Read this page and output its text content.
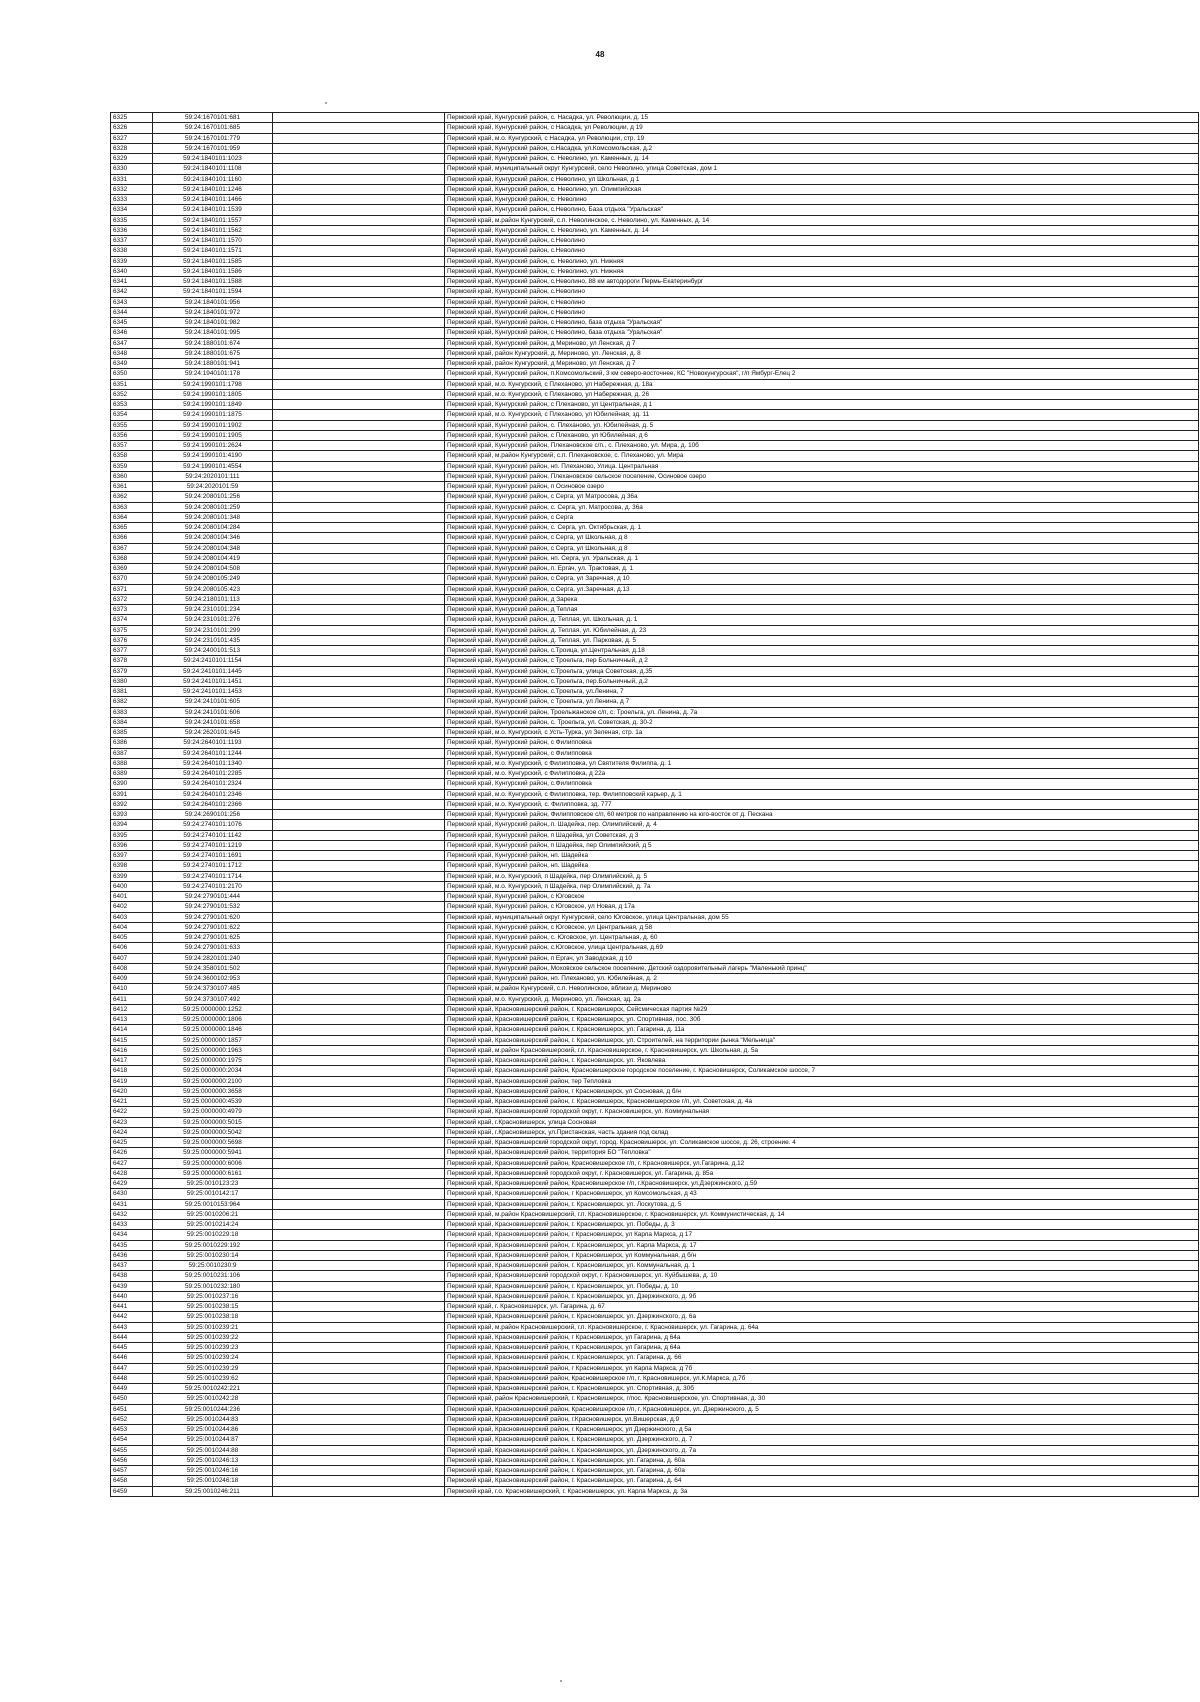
48
6325	59:24:1670101:681		Пермский край, Кунгурский район, с. Насадка, ул. Революции, д. 15
6326	59:24:1670101:685		Пермский край, Кунгурский район, с Насадка, ул Революции, д 19
6327	59:24:1670101:779		Пермский край, м.о. Кунгурский, с Насадка, ул Революции, стр. 19
6328	59:24:1670101:959		Пермский край, Кунгурский район, с.Насадка, ул.Комсомольская, д.2
6329	59:24:1840101:1023		Пермский край, Кунгурский район, с. Неволино, ул. Каменных, д. 14
6330	59:24:1840101:1108		Пермский край, муниципальный округ Кунгурский, село Неволино, улица Советская, дом 1
6331	59:24:1840101:1160		Пермский край, Кунгурский район, с Неволино, ул Школьная, д 1
6332	59:24:1840101:1246		Пермский край, Кунгурский район, с. Неволино, ул. Олимпийская
6333	59:24:1840101:1466		Пермский край, Кунгурский район, с. Неволино
6334	59:24:1840101:1539		Пермский край, Кунгурский район, с.Неволино, База отдыха "Уральская"
6335	59:24:1840101:1557		Пермский край, м.район Кунгурский, с.п. Неволинское, с. Неволино, ул. Каменных, д. 14
6336	59:24:1840101:1562		Пермский край, Кунгурский район, с. Неволино, ул. Каменных, д. 14
6337	59:24:1840101:1570		Пермский край, Кунгурский район, с.Неволино
6338	59:24:1840101:1571		Пермский край, Кунгурский район, с.Неволино
6339	59:24:1840101:1585		Пермский край, Кунгурский район, с. Неволино, ул. Нижняя
6340	59:24:1840101:1586		Пермский край, Кунгурский район, с. Неволино, ул. Нижняя
6341	59:24:1840101:1588		Пермский край, Кунгурский район, с.Неволино, 88 км автодороги Пермь-Екатеринбург
6342	59:24:1840101:1594		Пермский край, Кунгурский район, с.Неволино
6343	59:24:1840101:956		Пермский край, Кунгурский район, с Неволино
6344	59:24:1840101:972		Пермский край, Кунгурский район, с Неволино
6345	59:24:1840101:982		Пермский край, Кунгурский район, с Неволино, база отдыха "Уральская"
6346	59:24:1840101:995		Пермский край, Кунгурский район, с Неволино, база отдыха "Уральская"
6347	59:24:1880101:674		Пермский край, Кунгурский район, д Мериново, ул Ленская, д 7
6348	59:24:1880101:675		Пермский край, район Кунгурский, д. Мериново, ул. Ленская, д. 8
6349	59:24:1880101:941		Пермский край, район Кунгурский, д Мериново, ул Ленская, д 7
6350	59:24:1940101:178		Пермский край, Кунгурский район, п.Комсомольский, 3 км северо-восточнее, КС "Новокунгурская", г/п Ямбург-Елец 2
6351	59:24:1990101:1798		Пермский край, м.о. Кунгурский, с Плеханово, ул Набережная, д. 18а
6352	59:24:1990101:1805		Пермский край, м.о. Кунгурский, с Плеханово, ул Набережная, д. 26
6353	59:24:1990101:1849		Пермский край, Кунгурский район, с Плеханово, ул Центральная, д 1
6354	59:24:1990101:1875		Пермский край, м.о. Кунгурский, с Плеханово, ул Юбилейная, зд. 11
6355	59:24:1990101:1902		Пермский край, Кунгурский район, с. Плеханово, ул. Юбилейная, д. 5
6356	59:24:1990101:1905		Пермский край, Кунгурский район, с Плеханово, ул Юбилейная, д 6
6357	59:24:1990101:2624		Пермский край, Кунгурский район, Плехановское с/п., с. Плеханово, ул. Мира, д. 10б
6358	59:24:1990101:4190		Пермский край, м.район Кунгурский, с.п. Плехановское, с. Плеханово, ул. Мира
6359	59:24:1990101:4554		Пермский край, Кунгурский район, нп. Плеханово, Улица. Центральная
6360	59:24:2020101:111		Пермский край, Кунгурский район, Плехановское сельское поселение, Осиновое озеро
6361	59:24:2020101:59		Пермский край, Кунгурский район, п Осиновое озеро
6362	59:24:2080101:256		Пермский край, Кунгурский район, с Серга, ул Матросова, д 36а
6363	59:24:2080101:259		Пермский край, Кунгурский район, с. Серга, ул. Матросова, д. 36а
6364	59:24:2080101:348		Пермский край, Кунгурский район, с Серга
6365	59:24:2080104:284		Пермский край, Кунгурский район, с. Серга, ул. Октябрьская, д. 1
6366	59:24:2080104:346		Пермский край, Кунгурский район, с Серга, ул Школьная, д 8
6367	59:24:2080104:348		Пермский край, Кунгурский район, с Серга, ул Школьная, д 8
6368	59:24:2080104:419		Пермский край, Кунгурский район, нп. Серга, ул. Уральская, д. 1
6369	59:24:2080104:508		Пермский край, Кунгурский район, п. Ергач, ул. Трактовая, д. 1
6370	59:24:2080105:249		Пермский край, Кунгурский район, с Серга, ул Заречная, д 10
6371	59:24:2080105:423		Пермский край, Кунгурский район, с.Серга, ул.Заречная, д.13
6372	59:24:2180101:113		Пермский край, Кунгурский район, д Зарека
6373	59:24:2310101:234		Пермский край, Кунгурский район, д Теплая
6374	59:24:2310101:276		Пермский край, Кунгурский район, д. Теплая, ул. Школьная, д. 1
6375	59:24:2310101:299		Пермский край, Кунгурский район, д. Теплая, ул. Юбилейная, д. 23
6376	59:24:2310101:435		Пермский край, Кунгурский район, д. Теплая, ул. Парковая, д. 5
6377	59:24:2400101:513		Пермский край, Кунгурский район, с.Троица, ул.Центральная, д.18
6378	59:24:2410101:1154		Пермский край, Кунгурский район, с Троельга, пер Больничный, д 2
6379	59:24:2410101:1445		Пермский край, Кунгурский район, с.Троельга, улица Советская, д.35
6380	59:24:2410101:1451		Пермский край, Кунгурский район, с.Троельга, пер.Больничный, д.2
6381	59:24:2410101:1453		Пермский край, Кунгурский район, с.Троельга, ул.Ленина, 7
6382	59:24:2410101:605		Пермский край, Кунгурский район, с Троельга, ул Ленина, д 7
6383	59:24:2410101:606		Пермский край, Кунгурский район, Троельжанское с/п, с. Троельга, ул. Ленина, д. 7а
6384	59:24:2410101:658		Пермский край, Кунгурский район, с. Троельга, ул. Советская, д. 30-2
6385	59:24:2620101:645		Пермский край, м.о. Кунгурский, с Усть-Турка, ул Зеленая, стр. 1а
6386	59:24:2640101:1193		Пермский край, Кунгурский район, с Филипповка
6387	59:24:2640101:1244		Пермский край, Кунгурский район, с Филипповка
6388	59:24:2640101:1340		Пермский край, м.о. Кунгурский, с Филипповка, ул Святителя Филиппа, д. 1
6389	59:24:2640101:2285		Пермский край, м.о. Кунгурский, с Филипповка, д 22а
6390	59:24:2640101:2324		Пермский край, Кунгурский район, с.Филипповка
6391	59:24:2640101:2346		Пермский край, м.о. Кунгурский, с Филипповка, тер. Филипповский карьер, д. 1
6392	59:24:2640101:2366		Пермский край, м.о. Кунгурский, с. Филипповка, зд. 777
6393	59:24:2690101:256		Пермский край, Кунгурский район, Филипповское с/п, 60 метров по направлению на юго-восток от д. Пескана
6394	59:24:2740101:1076		Пермский край, Кунгурский район, п. Шадейка, пер. Олимпийский, д. 4
6395	59:24:2740101:1142		Пермский край, Кунгурский район, п Шадейка, ул Советская, д 3
6396	59:24:2740101:1219		Пермский край, Кунгурский район, п Шадейка, пер Олимпийский, д 5
6397	59:24:2740101:1691		Пермский край, Кунгурский район, нп. Шадейка
6398	59:24:2740101:1712		Пермский край, Кунгурский район, нп. Шадейка
6399	59:24:2740101:1714		Пермский край, м.о. Кунгурский, п Шадейка, пер Олимпийский, д. 5
6400	59:24:2740101:2170		Пермский край, м.о. Кунгурский, п Шадейка, пер Олимпийский, д. 7а
6401	59:24:2790101:444		Пермский край, Кунгурский район, с Юговское
6402	59:24:2790101:532		Пермский край, Кунгурский район, с Юговское, ул Новая, д 17а
6403	59:24:2790101:620		Пермский край, муниципальный округ Кунгурский, село Юговское, улица Центральная, дом 55
6404	59:24:2790101:622		Пермский край, Кунгурский район, с Юговское, ул Центральная, д 58
6405	59:24:2790101:625		Пермский край, Кунгурский район, с. Юговское, ул. Центральная, д. 60
6406	59:24:2790101:633		Пермский край, Кунгурский район, с.Юговское, улица Центральная, д.69
6407	59:24:2820101:240		Пермский край, Кунгурский район, п Ергач, ул Заводская, д 10
6408	59:24:3580101:502		Пермский край, Кунгурский район, Моховское сельское поселение, Детский оздоровительный лагерь "Маленький принц"
6409	59:24:3600102:953		Пермский край, Кунгурский район, нп. Плеханово, ул. Юбилейная, д. 2
6410	59:24:3730107:485		Пермский край, м.район Кунгурский, с.п. Неволинское, вблизи д. Мериново
6411	59:24:3730107:492		Пермский край, м.о. Кунгурский, д. Мериново, ул. Ленская, зд. 2а
6412	59:25:0000000:1252		Пермский край, Красновишерский район, г. Красновишерск, Сейсмическая партия №29
6413	59:25:0000000:1806		Пермский край, Красновишерский район, г. Красновишерск, ул. Спортивная, пос. 30б
6414	59:25:0000000:1846		Пермский край, Красновишерский район, г. Красновишерск, ул. Гагарина, д. 11а
6415	59:25:0000000:1857		Пермский край, Красновишерский район, г. Красновишерск, ул. Строителей, на территории рынка "Мельница"
6416	59:25:0000000:1963		Пермский край, м.район Красновишерский, г.п. Красновишерское, г. Красновишерск, ул. Школьная, д. 5а
6417	59:25:0000000:1975		Пермский край, Красновишерский район, г. Красновишерск, ул. Яковлева
6418	59:25:0000000:2034		Пермский край, Красновишерский район, Красновишерское городское поселение, г. Красновишерск, Соликамское шоссе, 7
6419	59:25:0000000:2100		Пермский край, Красновишерский район, тер Тепловка
6420	59:25:0000000:3658		Пермский край, Красновишерский район, г Красновишерск, ул Сосновая, д б/н
6421	59:25:0000000:4539		Пермский край, Красновишерский район, г. Красновишерск, Красновишерское г/п, ул. Советская, д. 4а
6422	59:25:0000000:4979		Пермский край, Красновишерский городской округ, г. Красновишерск, ул. Коммунальная
6423	59:25:0000000:5015		Пермский край, г.Красновишерск, улица Сосновая
6424	59:25:0000000:5042		Пермский край, г.Красновишерск, ул.Пристанская, часть здания под склад
6425	59:25:0000000:5698		Пермский край, Красновишерский городской округ, город. Красновишерск, ул. Соликамское шоссе, д. 26, строение. 4
6426	59:25:0000000:5941		Пермский край, Красновишерский район, территория БО "Тепловка"
6427	59:25:0000000:6006		Пермский край, Красновишерский район, Красновишерское г/п, г. Красновишерск, ул.Гагарина, д.12
6428	59:25:0000000:6161		Пермский край, Красновишерский городской округ, г. Красновишерск, ул. Гагарина, д. 85а
6429	59:25:0010123:23		Пермский край, Красновишерский район, Красновишерское г/п, г.Красновишерск, ул.Дзержинского, д.59
6430	59:25:0010142:17		Пермский край, Красновишерский район, г Красновишерск, ул Комсомольская, д 43
6431	59:25:0010153:964		Пермский край, Красновишерский район, г. Красновишерск, ул. Лоскутова, д. 5
6432	59:25:0010206:21		Пермский край, м.район Красновишерский, г.п. Красновишерское, г. Красновишерск, ул. Коммунистическая, д. 14
6433	59:25:0010214:24		Пермский край, Красновишерский район, г. Красновишерск, ул. Победы, д. 3
6434	59:25:0010229:18		Пермский край, Красновишерский район, г Красновишерск, ул Карла Маркса, д 17
6435	59:25:0010229:192		Пермский край, Красновишерский район, г. Красновишерск, ул. Карла Маркса, д. 17
6436	59:25:0010230:14		Пермский край, Красновишерский район, г Красновишерск, ул Коммунальная, д б/н
6437	59:25:0010230:9		Пермский край, Красновишерский район, г. Красновишерск, ул. Коммунальная, д. 1
6438	59:25:0010231:106		Пермский край, Красновишерский городской округ, г. Красновишерск, ул. Куйбышева, д. 10
6439	59:25:0010232:180		Пермский край, Красновишерский район, г. Красновишерск, ул. Победы, д. 10
6440	59:25:0010237:16		Пермский край, Красновишерский район, г. Красновишерск, ул. Дзержинского, д. 9б
6441	59:25:0010238:15		Пермский край, г. Красновишерск, ул. Гагарина, д. 67
6442	59:25:0010238:18		Пермский край, Красновишерский район, г. Красновишерск, ул. Дзержинского, д. 6а
6443	59:25:0010239:21		Пермский край, м.район Красновишерский, г.п. Красновишерское, г. Красновишерск, ул. Гагарина, д. 64а
6444	59:25:0010239:22		Пермский край, Красновишерский район, г Красновишерск, ул Гагарина, д 64а
6445	59:25:0010239:23		Пермский край, Красновишерский район, г Красновишерск, ул Гагарина, д 64а
6446	59:25:0010239:24		Пермский край, Красновишерский район, г. Красновишерск, ул. Гагарина, д. 66
6447	59:25:0010239:29		Пермский край, Красновишерский район, г Красновишерск, ул Карла Маркса, д 7б
6448	59:25:0010239:62		Пермский край, Красновишерский район, Красновишерское г/п, г. Красновишерск, ул.К.Маркса, д.7б
6449	59:25:0010242:221		Пермский край, Красновишерский район, г. Красновишерск, ул. Спортивная, д. 30б
6450	59:25:0010242:28		Пермский край, район Красновишерский, г. Красновишерск, г/пос. Красновишерское, ул. Спортивная, д. 30
6451	59:25:0010244:236		Пермский край, Красновишерский район, Красновишерское г/п, г. Красновишерск, ул. Дзержинского, д. 5
6452	59:25:0010244:83		Пермский край, Красновишерский район, г.Красновишерск, ул.Вишерская, д.9
6453	59:25:0010244:86		Пермский край, Красновишерский район, г Красновишерск, ул Дзержинского, д 5а
6454	59:25:0010244:87		Пермский край, Красновишерский район, г. Красновишерск, ул. Дзержинского, д. 7
6455	59:25:0010244:88		Пермский край, Красновишерский район, г. Красновишерск, ул. Дзержинского, д. 7а
6456	59:25:0010246:13		Пермский край, Красновишерский район, г. Красновишерск, ул. Гагарина, д. 60а
6457	59:25:0010246:16		Пермский край, Красновишерский район, г. Красновишерск, ул. Гагарина, д. 60а
6458	59:25:0010246:18		Пермский край, Красновишерский район, г. Красновишерск, ул. Гагарина, д. 64
6459	59:25:0010246:211		Пермский край, г.о. Красновишерский, г. Красновишерск, ул. Карла Маркса, д. 3а
